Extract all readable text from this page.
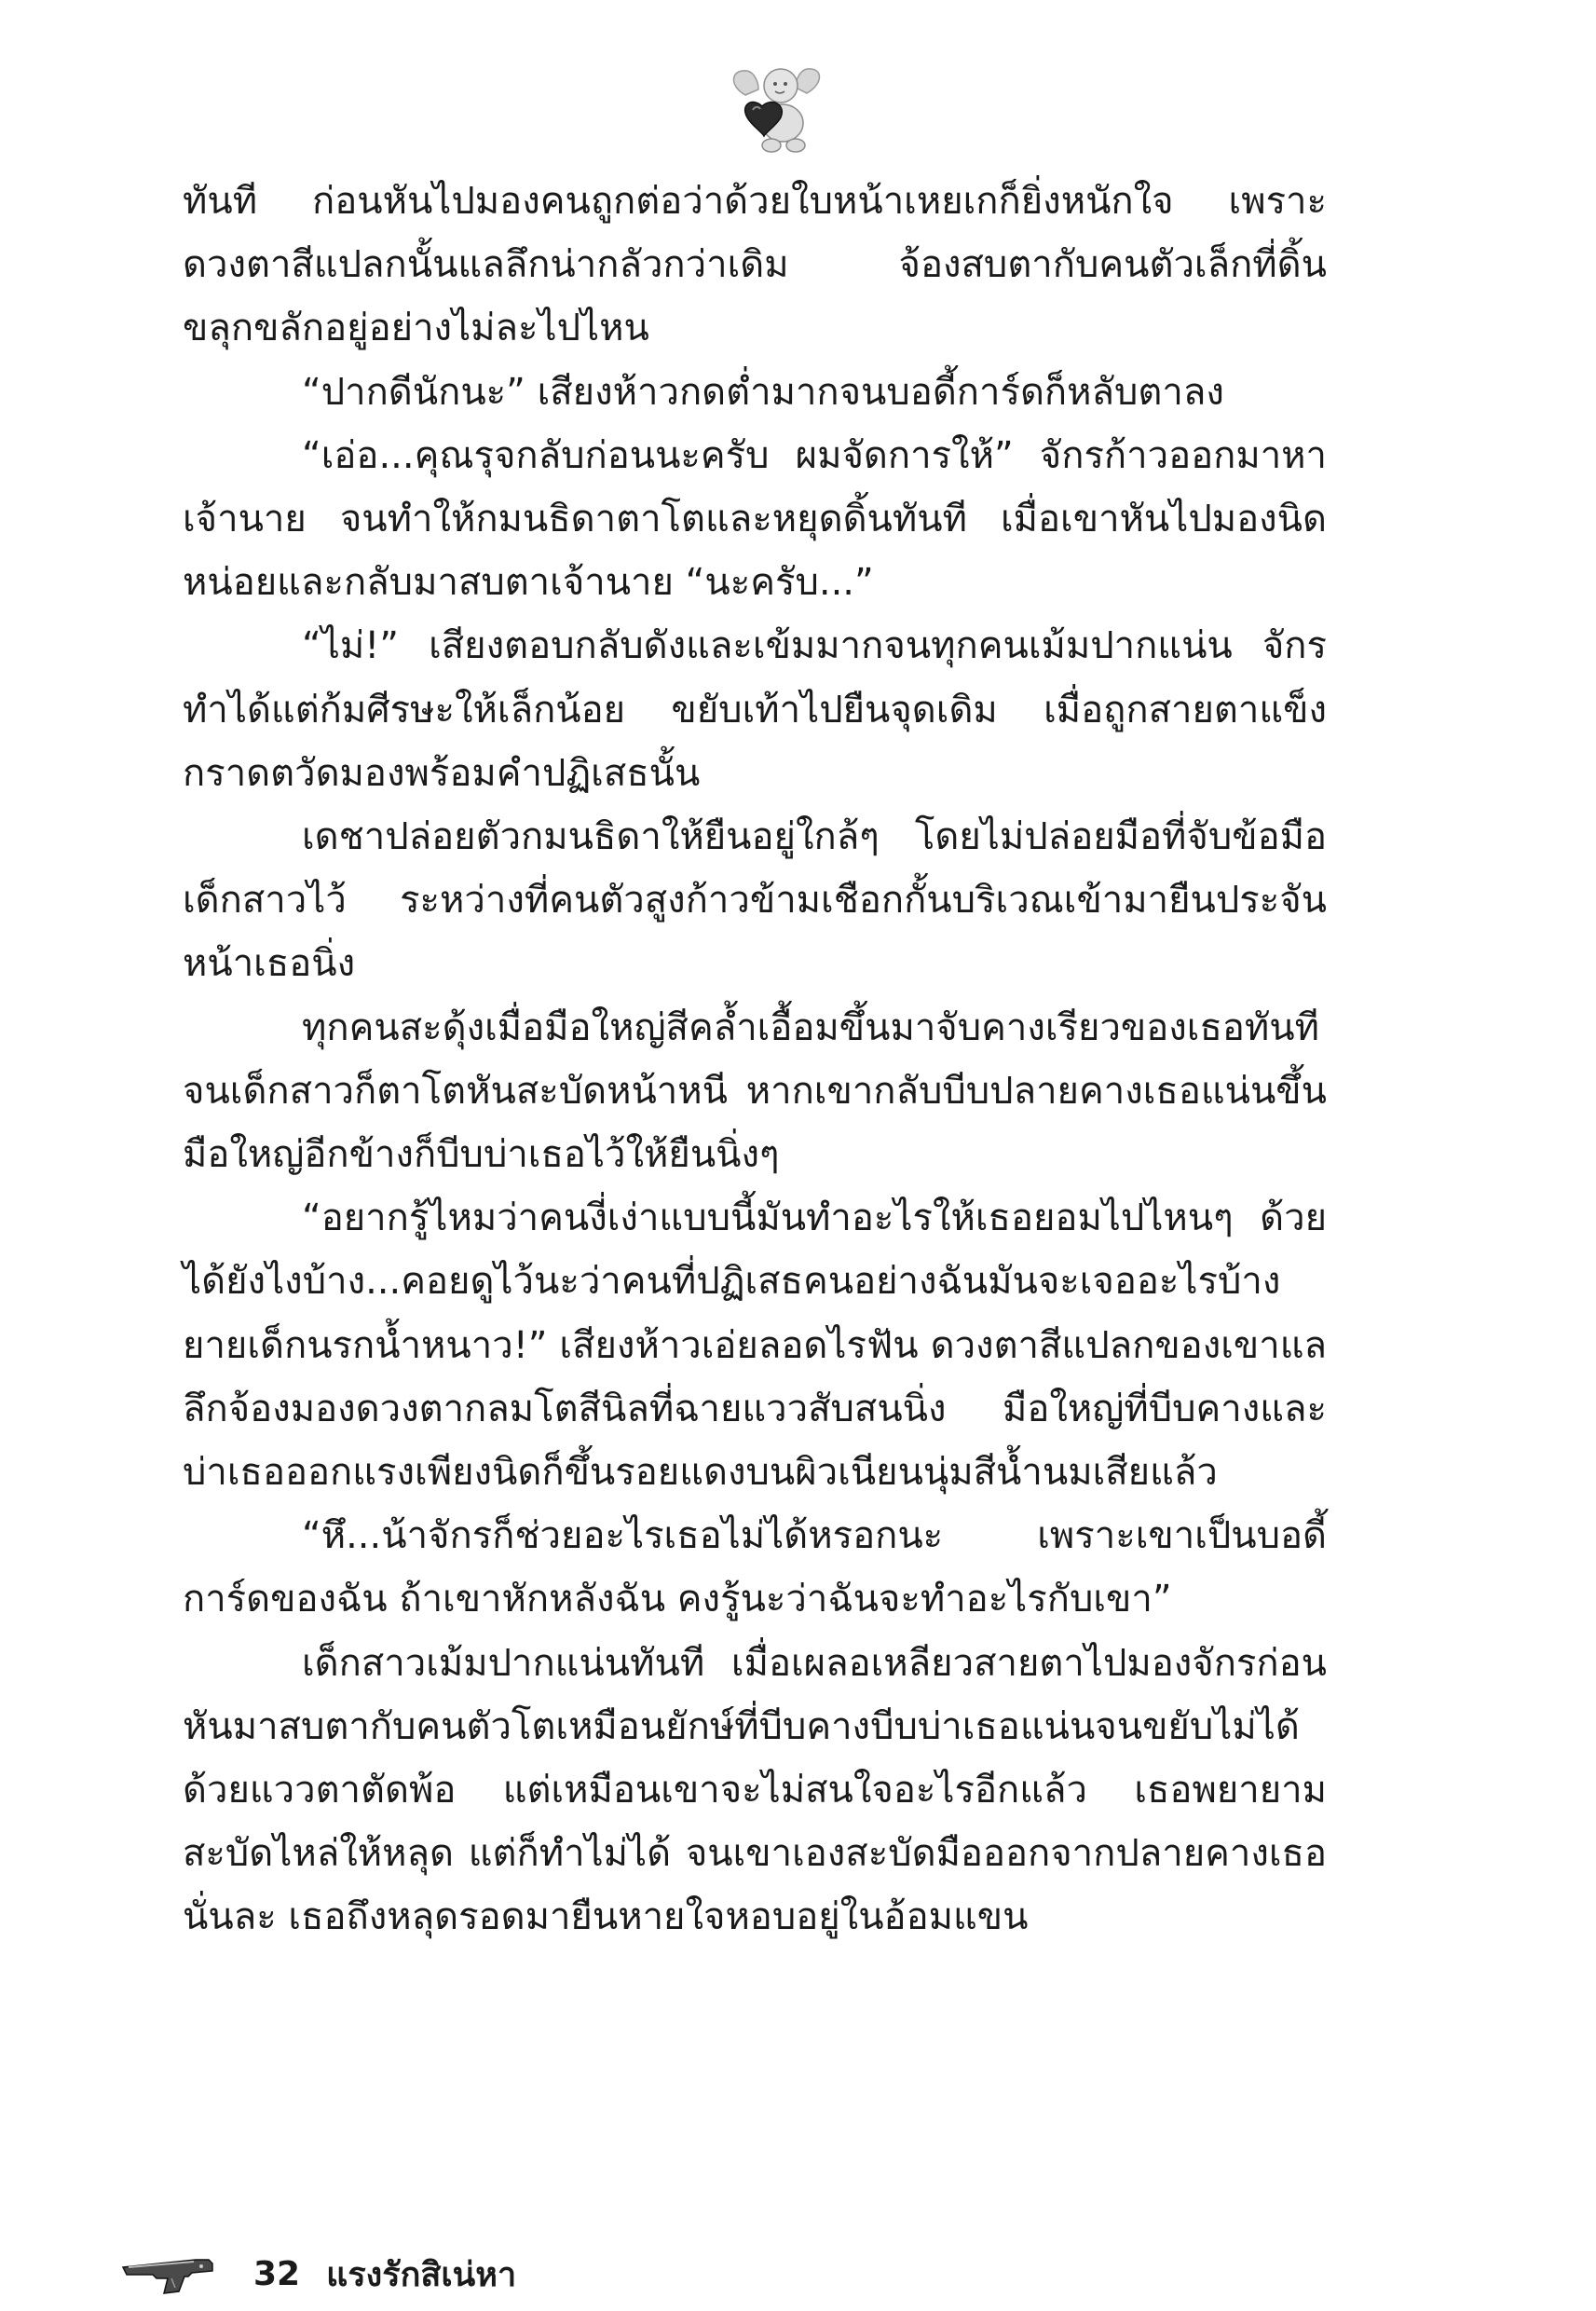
ทันที ก่อนหันไปมองคนถูกต่อว่าด้วยใบหน้าเหยเกก็ยิ่งหนักใจ เพราะดวงตาสีแปลกนั้นแลลึกน่ากลัวกว่าเดิม จ้องสบตากับคนตัวเล็กที่ดิ้นขลุกขลักอยู่อย่างไม่ละไปไหน

“ปากดีนักนะ” เสียงห้าวกดต่ำมากจนบอดี้การ์ดก็หลับตาลง

“เอ่อ...คุณรุจกลับก่อนนะครับ ผมจัดการให้” จักรก้าวออกมาหาเจ้านาย จนทำให้กมนธิดาตาโตและหยุดดิ้นทันที เมื่อเขาหันไปมองนิดหน่อยและกลับมาสบตาเจ้านาย “นะครับ...”

“ไม่!” เสียงตอบกลับดังและเข้มมากจนทุกคนเม้มปากแน่น จักรทำได้แต่ก้มศีรษะให้เล็กน้อย ขยับเท้าไปยืนจุดเดิม เมื่อถูกสายตาแข็งกราดตวัดมองพร้อมคำปฏิเสธนั้น

เดชาปล่อยตัวกมนธิดาให้ยืนอยู่ใกล้ๆ โดยไม่ปล่อยมือที่จับข้อมือเด็กสาวไว้ ระหว่างที่คนตัวสูงก้าวข้ามเชือกกั้นบริเวณเข้ามายืนประจันหน้าเธอนิ่ง

ทุกคนสะดุ้งเมื่อมือใหญ่สีคล้ำเอื้อมขึ้นมาจับคางเรียวของเธอทันที จนเด็กสาวก็ตาโตหันสะบัดหน้าหนี หากเขากลับบีบปลายคางเธอแน่นขึ้น มือใหญ่อีกข้างก็บีบบ่าเธอไว้ให้ยืนนิ่งๆ

“อยากรู้ไหมว่าคนงี่เง่าแบบนี้มันทำอะไรให้เธอยอมไปไหนๆ ด้วยได้ยังไงบ้าง...คอยดูไว้นะว่าคนที่ปฏิเสธคนอย่างฉันมันจะเจออะไรบ้างยายเด็กนรกน้ำหนาว!” เสียงห้าวเอ่ยลอดไรฟัน ดวงตาสีแปลกของเขาแลลึกจ้องมองดวงตากลมโตสีนิลที่ฉายแววสับสนนิ่ง มือใหญ่ที่บีบคางและบ่าเธอออกแรงเพียงนิดก็ขึ้นรอยแดงบนผิวเนียนนุ่มสีน้ำนมเสียแล้ว

“หึ...น้าจักรก็ช่วยอะไรเธอไม่ได้หรอกนะ เพราะเขาเป็นบอดี้การ์ดของฉัน ถ้าเขาหักหลังฉัน คงรู้นะว่าฉันจะทำอะไรกับเขา”

เด็กสาวเม้มปากแน่นทันที เมื่อเผลอเหลียวสายตาไปมองจักรก่อนหันมาสบตากับคนตัวโตเหมือนยักษ์ที่บีบคางบีบบ่าเธอแน่นจนขยับไม่ได้ ด้วยแววตาตัดพ้อ แต่เหมือนเขาจะไม่สนใจอะไรอีกแล้ว เธอพยายามสะบัดไหล่ให้หลุด แต่ก็ทำไม่ได้ จนเขาเองสะบัดมือออกจากปลายคางเธอนั่นละ เธอถึงหลุดรอดมายืนหายใจหอบอยู่ในอ้อมแขน

32 แรงรักสิเน่หา
